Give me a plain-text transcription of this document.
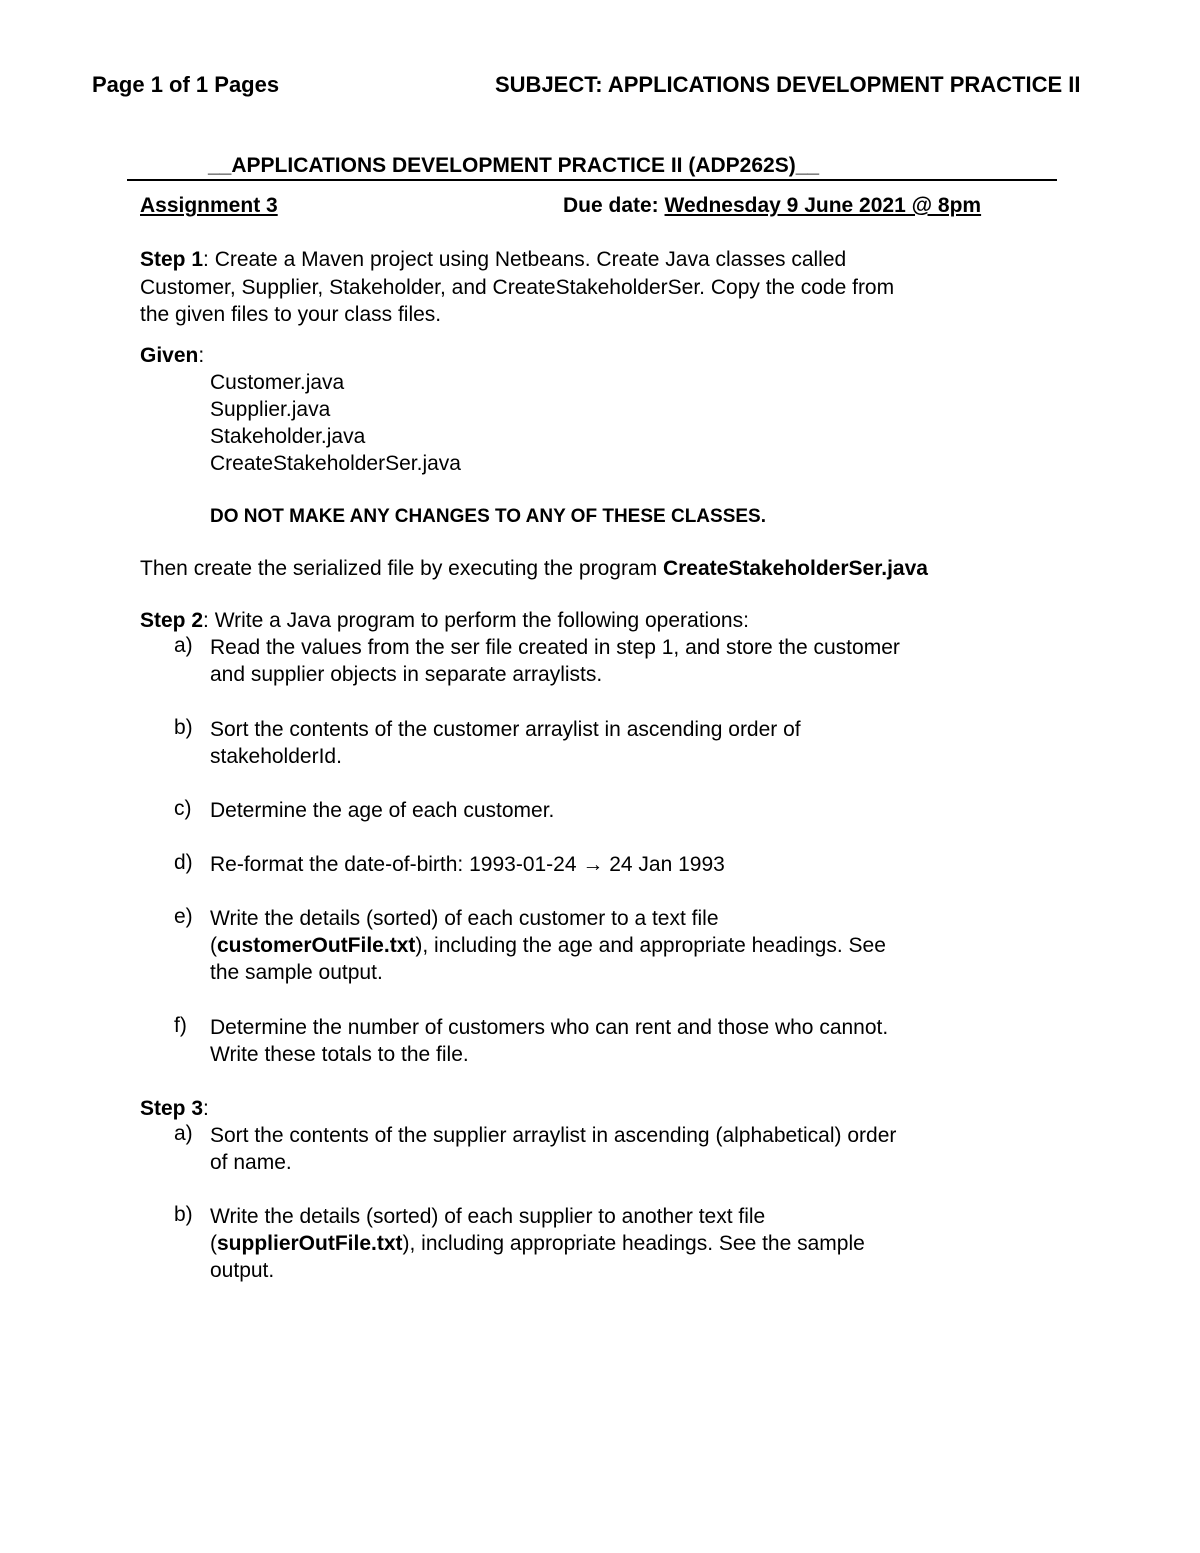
Page 1 of 1 Pages	SUBJECT: APPLICATIONS DEVELOPMENT PRACTICE II
__APPLICATIONS DEVELOPMENT PRACTICE II (ADP262S)__
Assignment 3	Due date: Wednesday 9 June 2021 @ 8pm
Step 1: Create a Maven project using Netbeans. Create Java classes called
Customer, Supplier, Stakeholder, and CreateStakeholderSer. Copy the code from
the given files to your class files.
Given:
Customer.java
Supplier.java
Stakeholder.java
CreateStakeholderSer.java
DO NOT MAKE ANY CHANGES TO ANY OF THESE CLASSES.
Then create the serialized file by executing the program CreateStakeholderSer.java
Step 2: Write a Java program to perform the following operations:
a) Read the values from the ser file created in step 1, and store the customer
and supplier objects in separate arraylists.
b) Sort the contents of the customer arraylist in ascending order of
stakeholderId.
c) Determine the age of each customer.
d) Re-format the date-of-birth: 1993-01-24 → 24 Jan 1993
e) Write the details (sorted) of each customer to a text file
(customerOutFile.txt), including the age and appropriate headings. See
the sample output.
f) Determine the number of customers who can rent and those who cannot.
Write these totals to the file.
Step 3:
a) Sort the contents of the supplier arraylist in ascending (alphabetical) order
of name.
b) Write the details (sorted) of each supplier to another text file
(supplierOutFile.txt), including appropriate headings. See the sample
output.
